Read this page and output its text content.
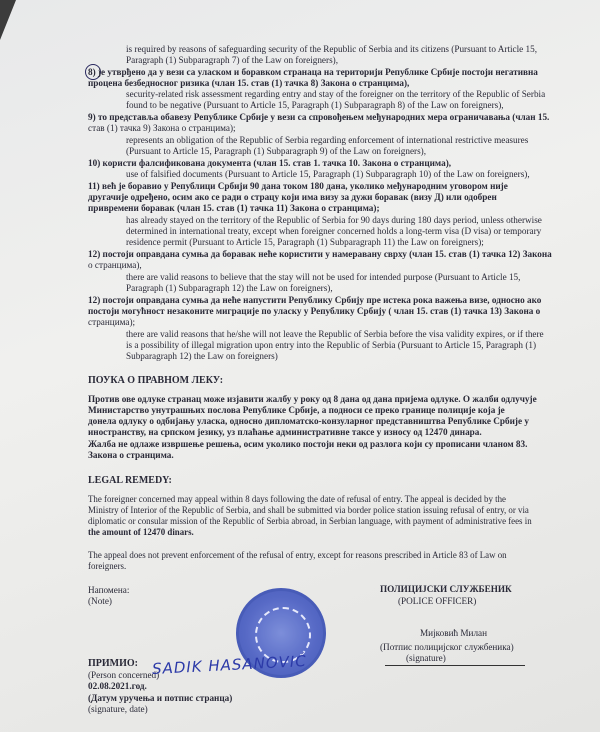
is required by reasons of safeguarding security of the Republic of Serbia and its citizens (Pursuant to Article 15,
Paragraph (1) Subparagraph 7) of the Law on foreigners),
8) је утврђено да у вези са уласком и боравком странаца на територији Републике Србије постоји негативна
процена безбедносног ризика (члан 15. став (1) тачка 8) Закона о странцима),
security-related risk assessment regarding entry and stay of the foreigner on the territory of the Republic of Serbia
found to be negative (Pursuant to Article 15, Paragraph (1) Subparagraph 8) of the Law on foreigners),
9) то представља обавезу Републике Србије у вези са спровођењем међународних мера ограничавања (члан 15.
став (1) тачка 9) Закона о странцима);
represents an obligation of the Republic of Serbia regarding enforcement of international restrictive measures
(Pursuant to Article 15, Paragraph (1) Subparagraph 9) of the Law on foreigners),
10) користи фалсификована документа (члан 15. став 1. тачка 10. Закона о странцима),
use of falsified documents (Pursuant to Article 15, Paragraph (1) Subparagraph 10) of the Law on foreigners),
11) већ је боравио у Републици Србији 90 дана током 180 дана, уколико међународним уговором није
другачије одређено, осим ако се ради о страцу који има визу за дужи боравак (визу Д) или одобрен
привремени боравак (члан 15. став (1) тачка 11) Закона о странцима);
has already stayed on the territory of the Republic of Serbia for 90 days during 180 days period, unless otherwise
determined in international treaty, except when foreigner concerned holds a long-term visa (D visa) or temporary
residence permit (Pursuant to Article 15, Paragraph (1) Subparagraph 11) the Law on foreigners);
12) постоји оправдана сумња да боравак неће користити у намеравану сврху (члан 15. став (1) тачка 12) Закона
о странцима),
there are valid reasons to believe that the stay will not be used for intended purpose (Pursuant to Article 15,
Paragraph (1) Subparagraph 12) the Law on foreigners),
12) постоји оправдана сумња да неће напустити Републику Србију пре истека рока важења визе, односно ако
постоји могућност незаконите миграције по уласку у Републику Србију ( члан 15. став (1) тачка 13) Закона о
странцима);
there are valid reasons that he/she will not leave the Republic of Serbia before the visa validity expires, or if there
is a possibility of illegal migration upon entry into the Republic of Serbia (Pursuant to Article 15, Paragraph (1)
Subparagraph 12) the Law on foreigners)
ПОУКА О ПРАВНОМ ЛЕКУ:
Против ове одлуке странац може изјавити жалбу у року од 8 дана од дана пријема одлуке. О жалби одлучује
Министарство унутрашњих послова Републике Србије, а подноси се преко границе полиције која је
донела одлуку о одбијању уласка, односно дипломатско-конзуларног представништва Републике Србије у
иностранству, на српском језику, уз плаћање административне таксе у износу од 12470 динара.
Жалба не одлаже извршење решења, осим уколико постоји неки од разлога који су прописани чланом 83.
Закона о странцима.
LEGAL REMEDY:
The foreigner concerned may appeal within 8 days following the date of refusal of entry. The appeal is decided by the
Ministry of Interior of the Republic of Serbia, and shall be submitted via border police station issuing refusal of entry, or via
diplomatic or consular mission of the Republic of Serbia abroad, in Serbian language, with payment of administrative fees in
the amount of 12470 dinars.
The appeal does not prevent enforcement of the refusal of entry, except for reasons prescribed in Article 83 of Law on
foreigners.
Напомена:
(Note)
ПОЛИЦИЈСКИ СЛУЖБЕНИК
(POLICE OFFICER)
Мијковић Милан
(Потпис полицијског службеника)
(signature)
ПРИМИО:
(Person concerned)
02.08.2021.год.
SADIK HASANOVIĆ
(Датум уручења и потпис странца)
(signature, date)
